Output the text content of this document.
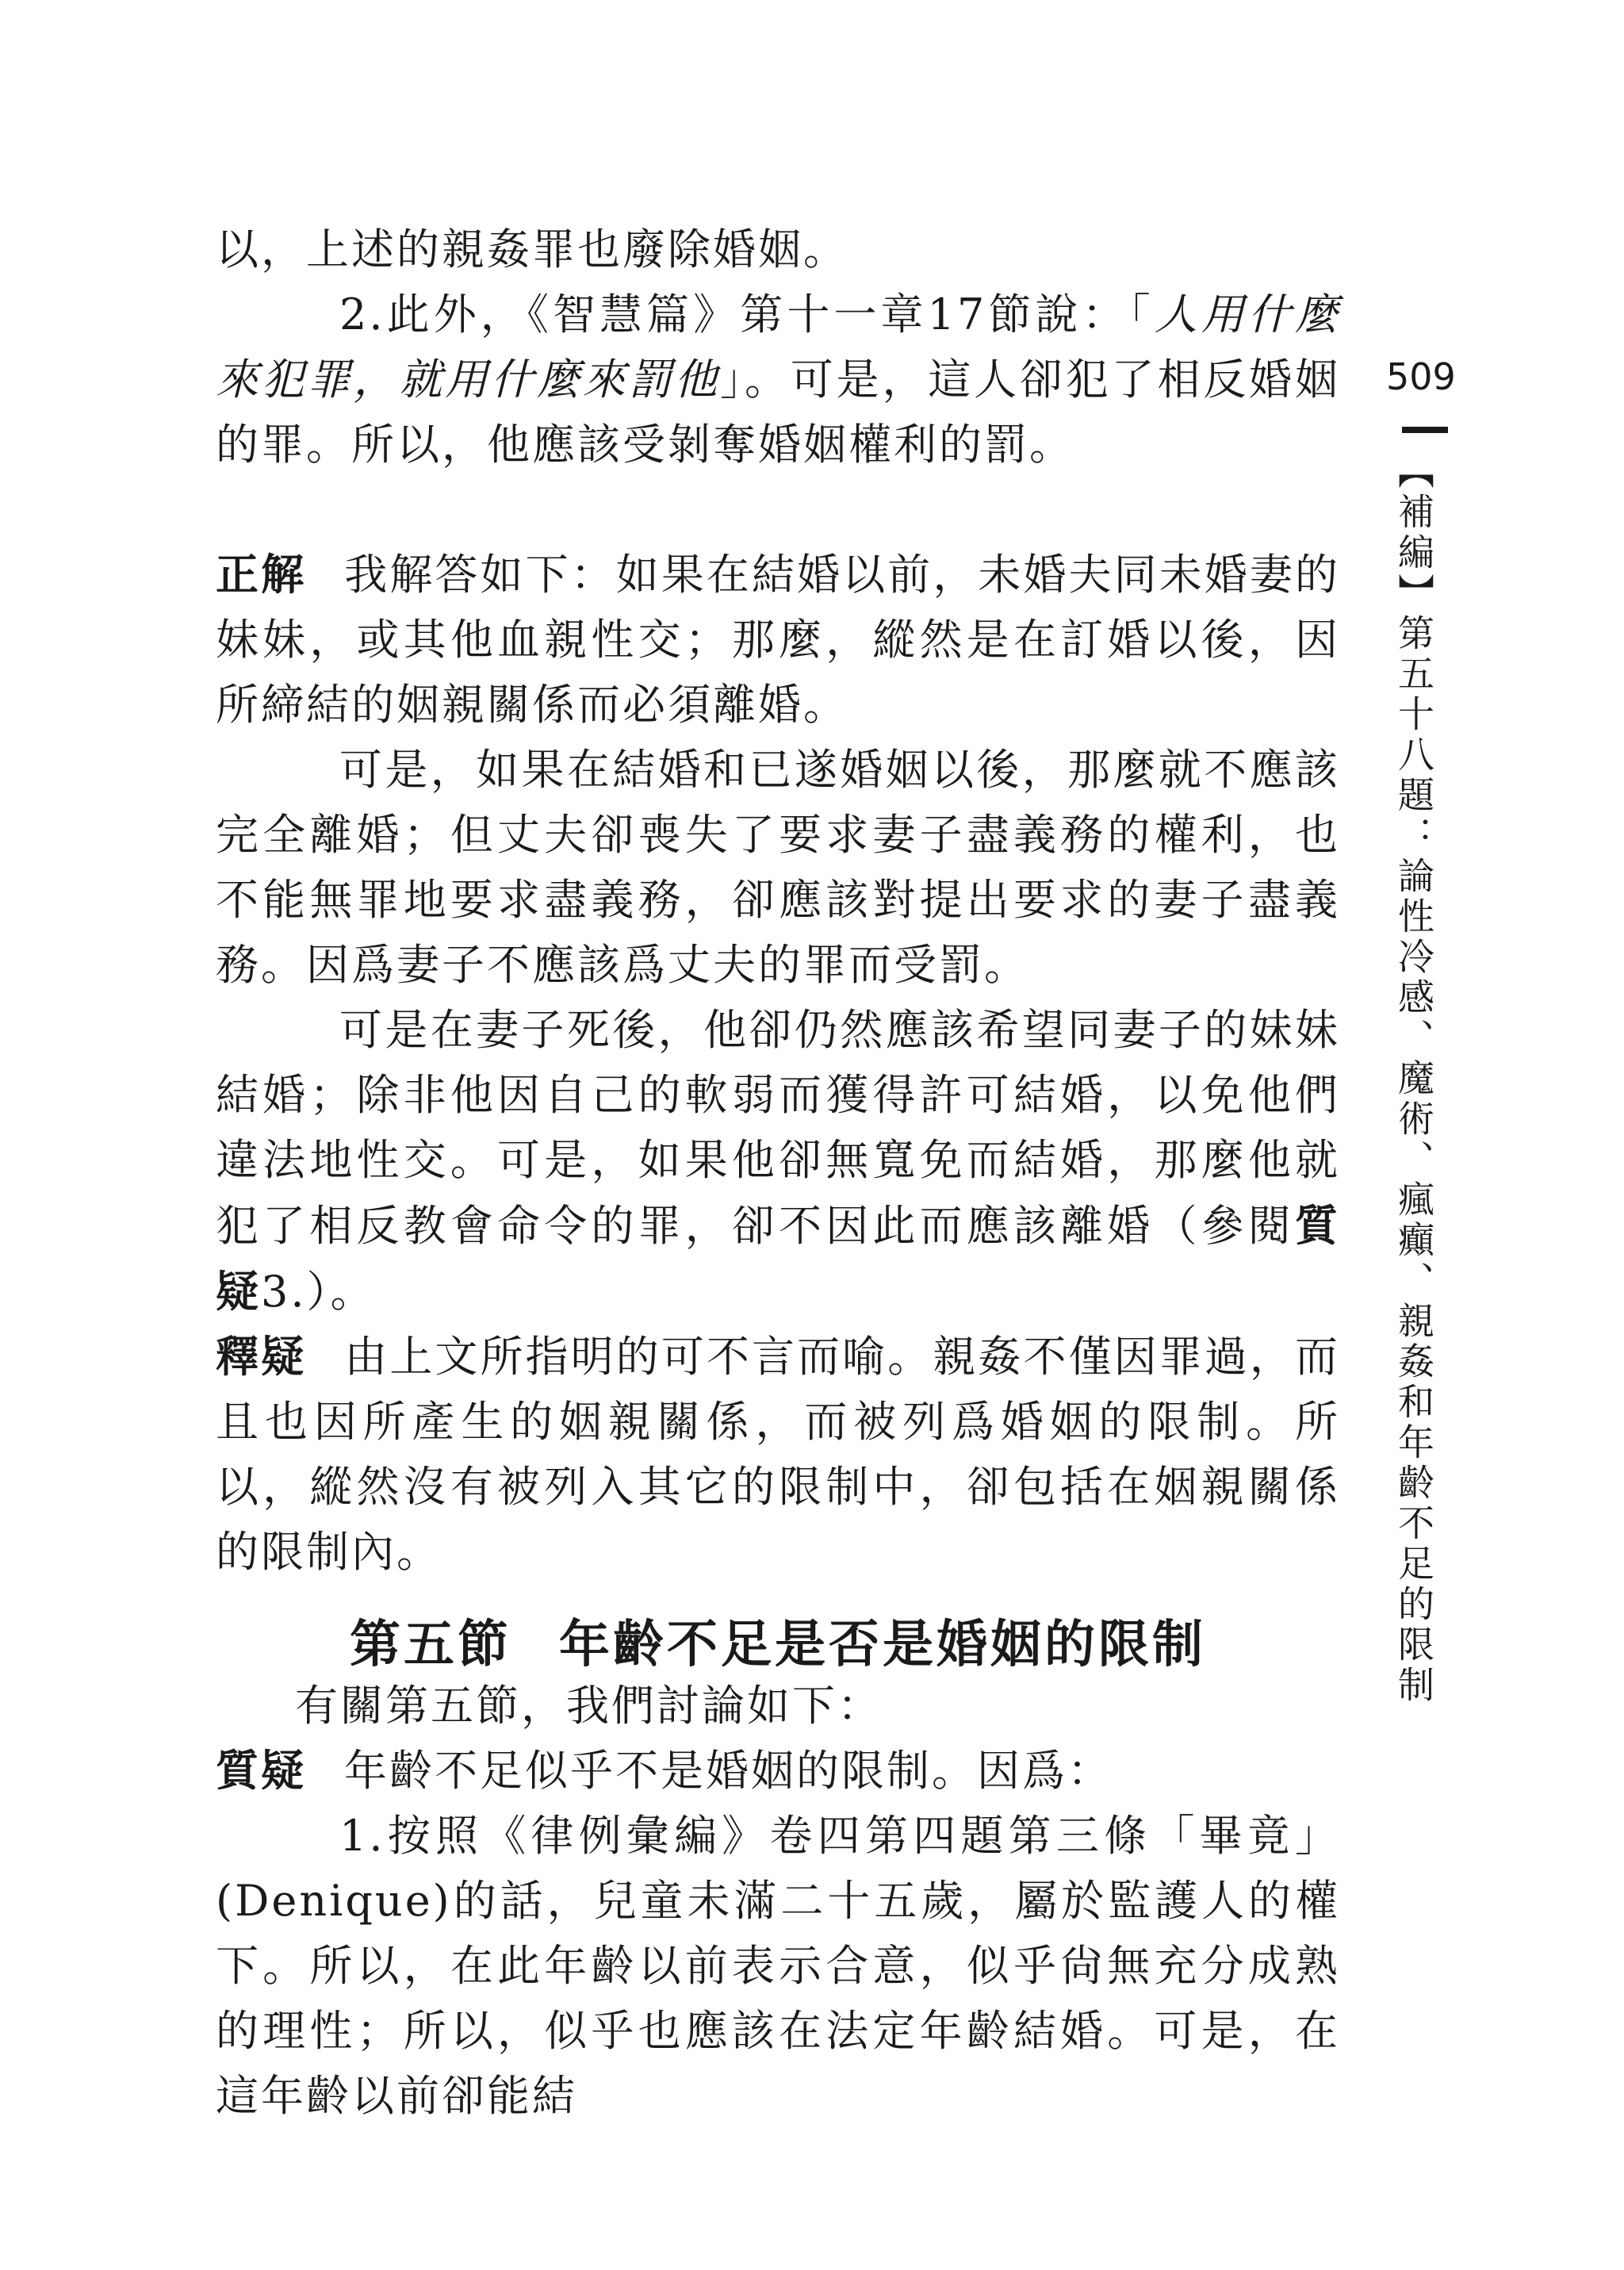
509
【補編】第五十八題：論性冷感、魔術、瘋癲、親姦和年齡不足的限制

以，上述的親姦罪也廢除婚姻。

2.此外，《智慧篇》第十一章17節說：「人用什麼來犯罪，就用什麼來罰他」。可是，這人卻犯了相反婚姻的罪。所以，他應該受剝奪婚姻權利的罰。

正解 我解答如下：如果在結婚以前，未婚夫同未婚妻的妹妹，或其他血親性交；那麼，縱然是在訂婚以後，因所締結的姻親關係而必須離婚。

可是，如果在結婚和已遂婚姻以後，那麼就不應該完全離婚；但丈夫卻喪失了要求妻子盡義務的權利，也不能無罪地要求盡義務，卻應該對提出要求的妻子盡義務。因爲妻子不應該爲丈夫的罪而受罰。

可是在妻子死後，他卻仍然應該希望同妻子的妹妹結婚；除非他因自己的軟弱而獲得許可結婚，以免他們違法地性交。可是，如果他卻無寬免而結婚，那麼他就犯了相反教會命令的罪，卻不因此而應該離婚（參閱質疑3.）。

釋疑 由上文所指明的可不言而喻。親姦不僅因罪過，而且也因所產生的姻親關係，而被列爲婚姻的限制。所以，縱然沒有被列入其它的限制中，卻包括在姻親關係的限制內。

第五節 年齡不足是否是婚姻的限制

有關第五節，我們討論如下：

質疑 年齡不足似乎不是婚姻的限制。因爲：

1.按照《律例彙編》卷四第四題第三條「畢竟」(Denique)的話，兒童未滿二十五歲，屬於監護人的權下。所以，在此年齡以前表示合意，似乎尙無充分成熟的理性；所以，似乎也應該在法定年齡結婚。可是，在這年齡以前卻能結
